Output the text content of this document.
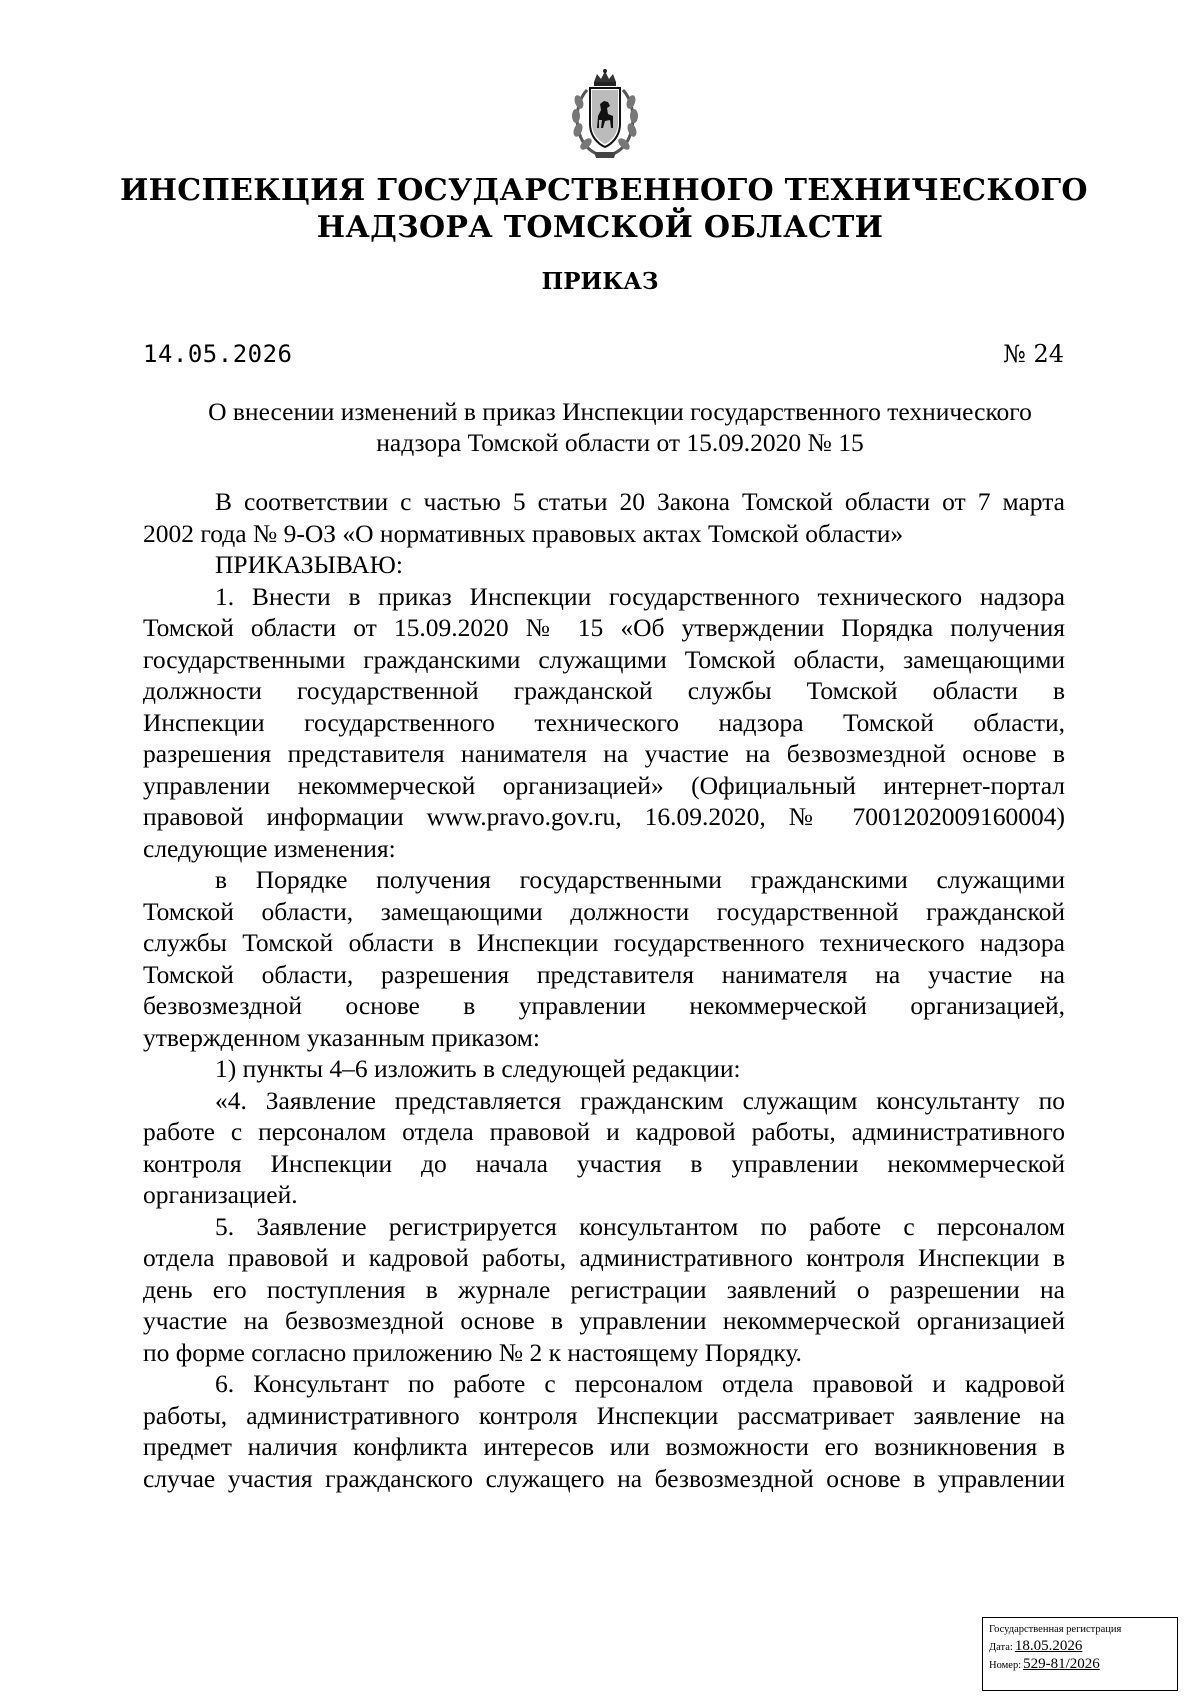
ИНСПЕКЦИЯ ГОСУДАРСТВЕННОГО ТЕХНИЧЕСКОГО
НАДЗОРА ТОМСКОЙ ОБЛАСТИ
ПРИКАЗ
14.05.2026	№ 24
О внесении изменений в приказ Инспекции государственного технического
надзора Томской области от 15.09.2020 № 15
В соответствии с частью 5 статьи 20 Закона Томской области от 7 марта
2002 года № 9-ОЗ «О нормативных правовых актах Томской области»
ПРИКАЗЫВАЮ:
1. Внести в приказ Инспекции государственного технического надзора
Томской области от 15.09.2020 № 15 «Об утверждении Порядка получения
государственными гражданскими служащими Томской области, замещающими
должности государственной гражданской службы Томской области в
Инспекции государственного технического надзора Томской области,
разрешения представителя нанимателя на участие на безвозмездной основе в
управлении некоммерческой организацией» (Официальный интернет-портал
правовой информации www.pravo.gov.ru, 16.09.2020, № 7001202009160004)
следующие изменения:
в Порядке получения государственными гражданскими служащими
Томской области, замещающими должности государственной гражданской
службы Томской области в Инспекции государственного технического надзора
Томской области, разрешения представителя нанимателя на участие на
безвозмездной основе в управлении некоммерческой организацией,
утвержденном указанным приказом:
1) пункты 4–6 изложить в следующей редакции:
«4. Заявление представляется гражданским служащим консультанту по
работе с персоналом отдела правовой и кадровой работы, административного
контроля Инспекции до начала участия в управлении некоммерческой
организацией.
5. Заявление регистрируется консультантом по работе с персоналом
отдела правовой и кадровой работы, административного контроля Инспекции в
день его поступления в журнале регистрации заявлений о разрешении на
участие на безвозмездной основе в управлении некоммерческой организацией
по форме согласно приложению № 2 к настоящему Порядку.
6. Консультант по работе с персоналом отдела правовой и кадровой
работы, административного контроля Инспекции рассматривает заявление на
предмет наличия конфликта интересов или возможности его возникновения в
случае участия гражданского служащего на безвозмездной основе в управлении
Государственная регистрация
Дата: 18.05.2026
Номер: 529-81/2026
